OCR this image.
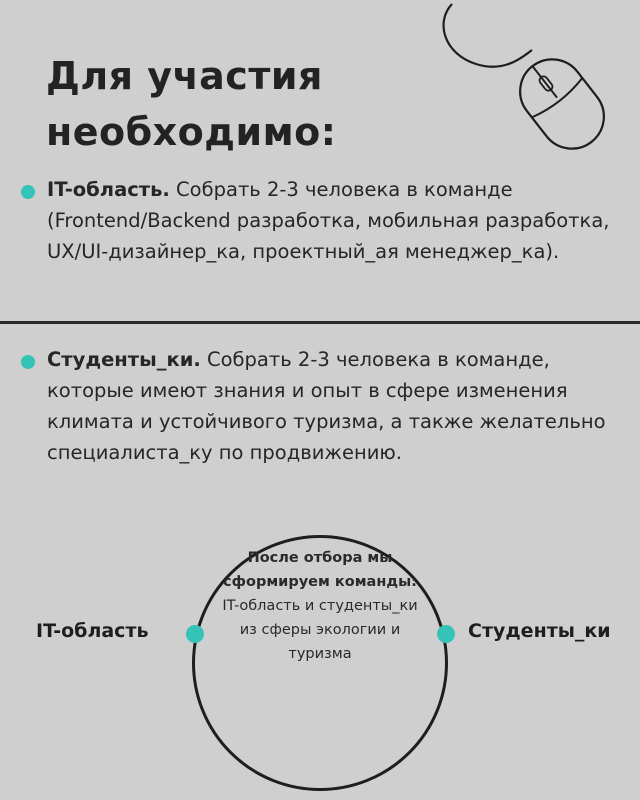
Для участия
необходимо:

IT-область. Собрать 2-3 человека в команде (Frontend/Backend разработка, мобильная разработка, UX/UI-дизайнер_ка, проектный_ая менеджер_ка).

Студенты_ки. Собрать 2-3 человека в команде, которые имеют знания и опыт в сфере изменения климата и устойчивого туризма, а также желательно специалиста_ку по продвижению.

После отбора мы сформируем команды:
IT-область и студенты_ки из сферы экологии и туризма
IT-область	Студенты_ки
